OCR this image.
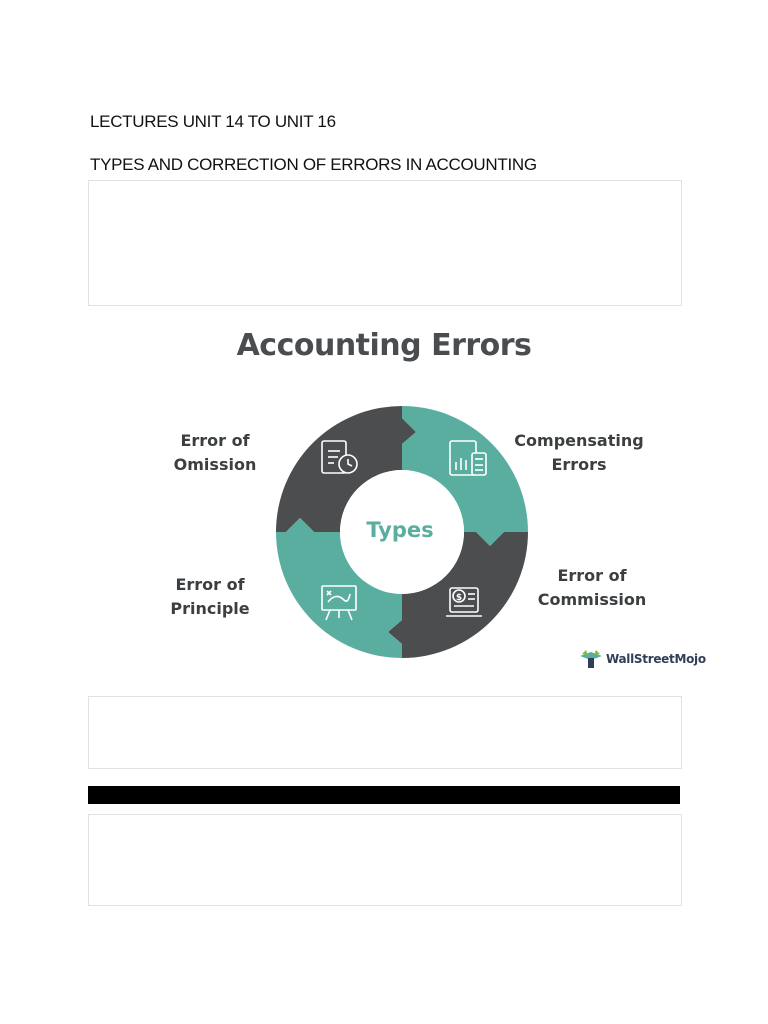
LECTURES UNIT 14 TO UNIT 16
TYPES AND CORRECTION OF ERRORS IN ACCOUNTING
Accounting Errors
$
Types
Error of
Omission
Compensating
Errors
Error of
Commission
Error of
Principle
WallStreetMojo
